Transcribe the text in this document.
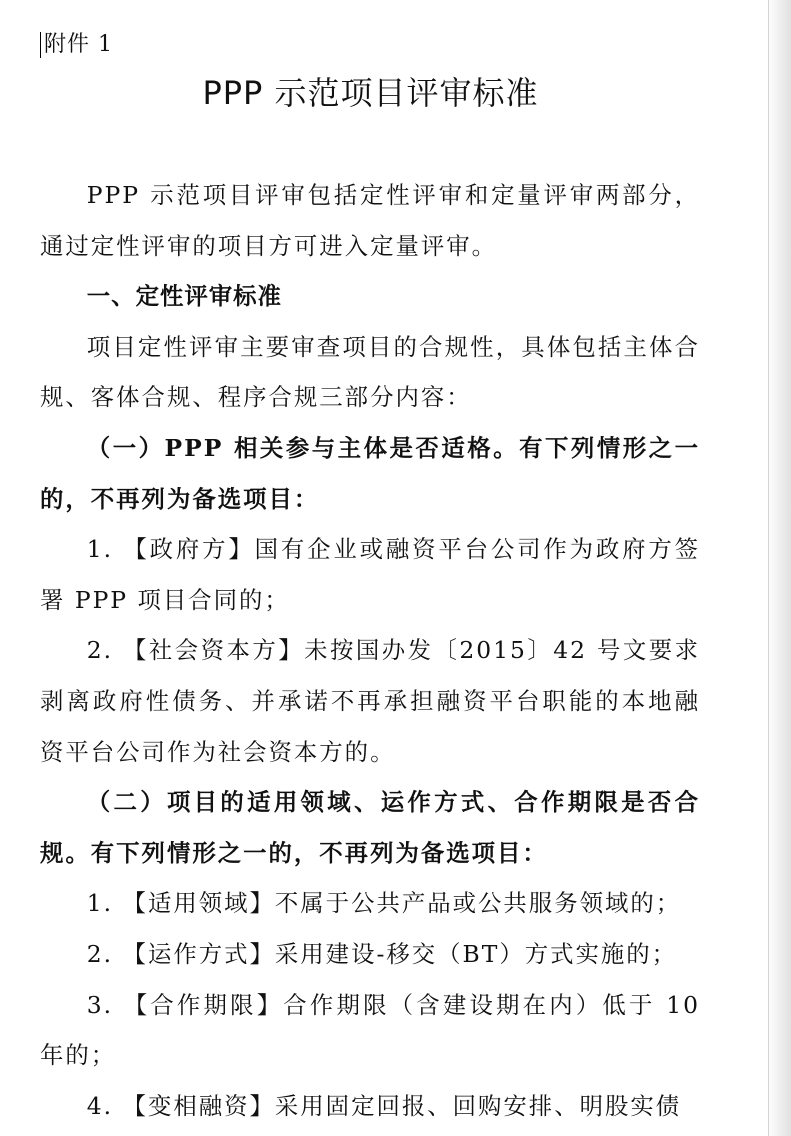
附件 1
PPP 示范项目评审标准

PPP 示范项目评审包括定性评审和定量评审两部分，通过定性评审的项目方可进入定量评审。

一、定性评审标准

项目定性评审主要审查项目的合规性，具体包括主体合规、客体合规、程序合规三部分内容：

（一）PPP 相关参与主体是否适格。有下列情形之一的，不再列为备选项目：

1. 【政府方】国有企业或融资平台公司作为政府方签署 PPP 项目合同的；

2. 【社会资本方】未按国办发〔2015〕42 号文要求剥离政府性债务、并承诺不再承担融资平台职能的本地融资平台公司作为社会资本方的。

（二）项目的适用领域、运作方式、合作期限是否合规。有下列情形之一的，不再列为备选项目：

1. 【适用领域】不属于公共产品或公共服务领域的；

2. 【运作方式】采用建设-移交（BT）方式实施的；

3. 【合作期限】合作期限（含建设期在内）低于 10 年的；

4. 【变相融资】采用固定回报、回购安排、明股实债
